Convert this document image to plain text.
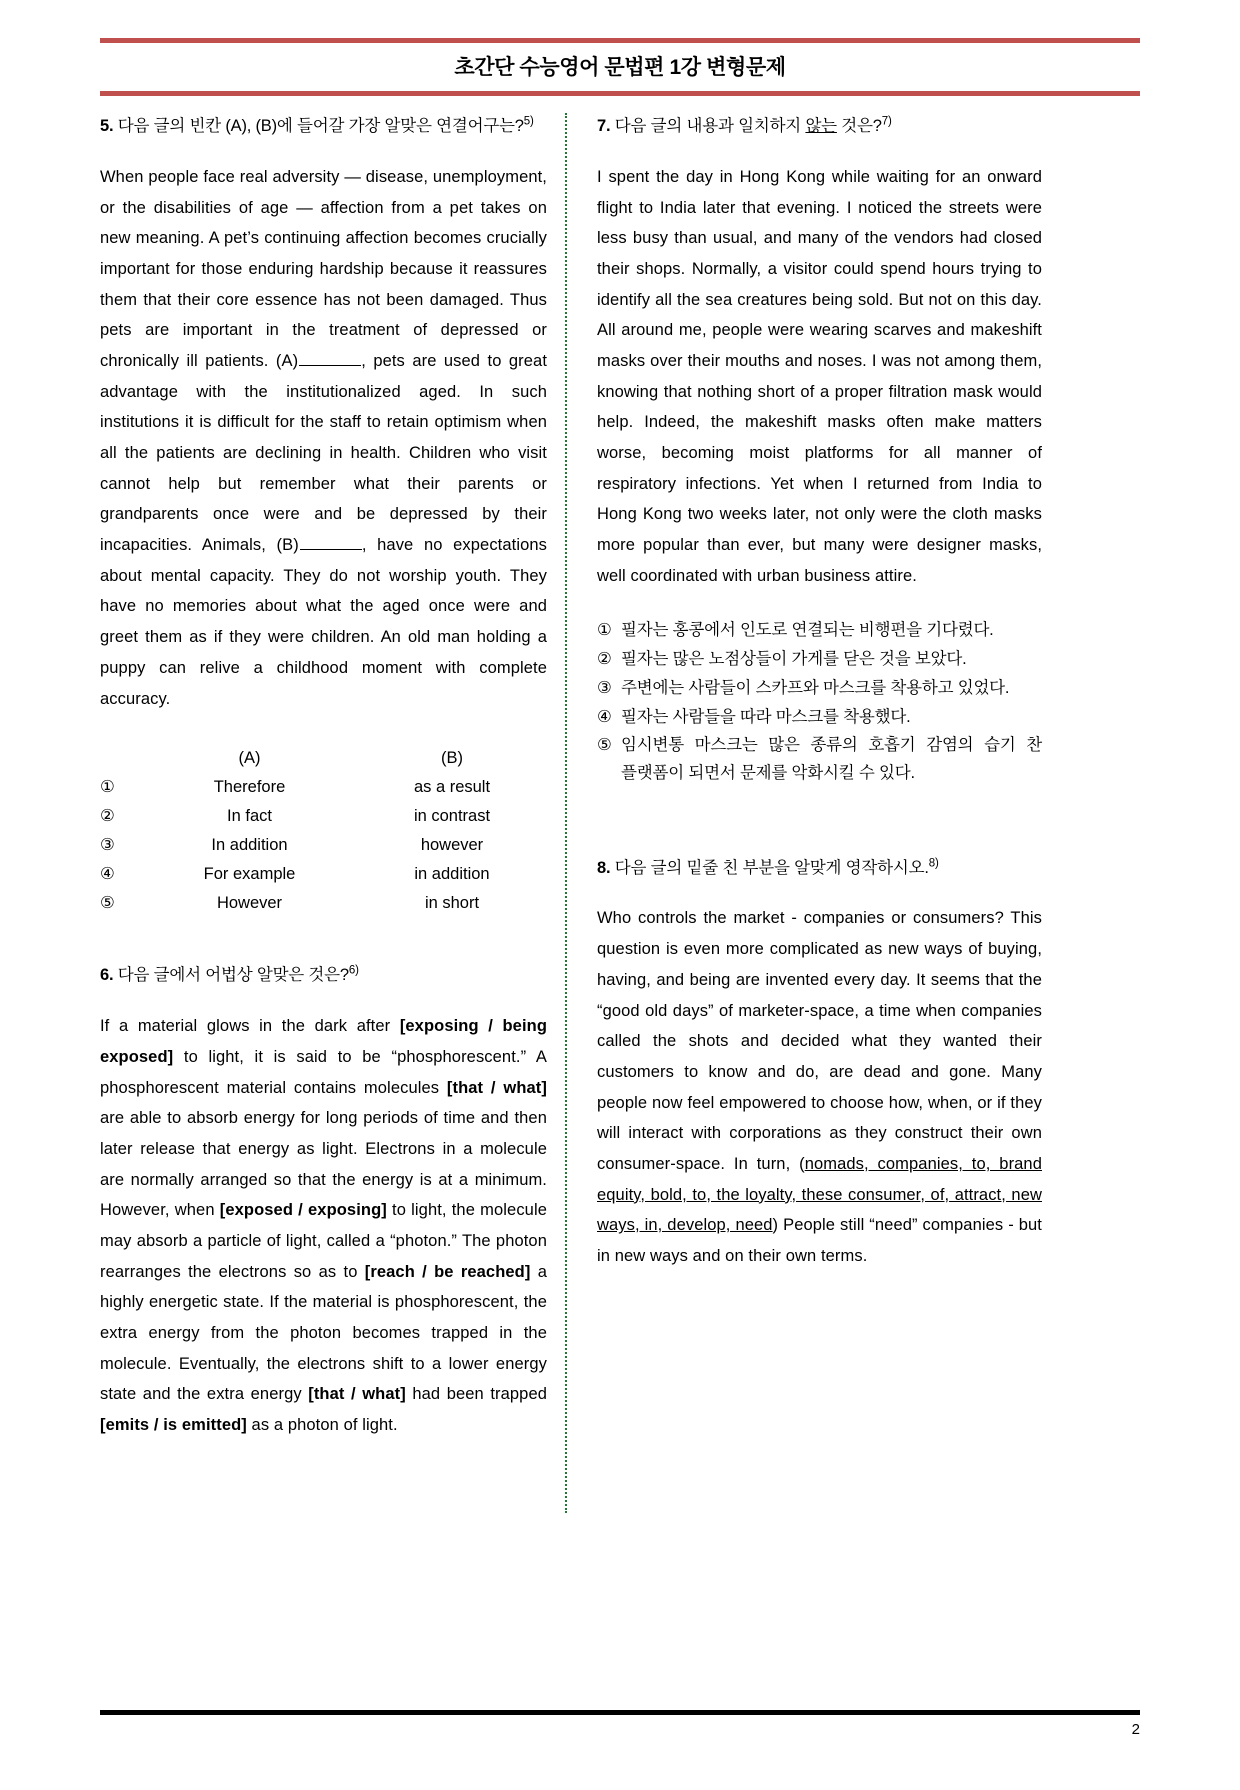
초간단 수능영어 문법편 1강 변형문제

5. 다음 글의 빈칸 (A), (B)에 들어갈 가장 알맞은 연결어구는?$^{5)}$

When people face real adversity — disease, unemployment, or the disabilities of age — affection from a pet takes on new meaning. A pet’s continuing affection becomes crucially important for those enduring hardship because it reassures them that their core essence has not been damaged. Thus pets are important in the treatment of depressed or chronically ill patients. (A)	, pets are used to great advantage with the institutionalized aged. In such institutions it is difficult for the staff to retain optimism when all the patients are declining in health. Children who visit cannot help but remember what their parents or grandparents once were and be depressed by their incapacities. Animals, (B)	, have no expectations about mental capacity. They do not worship youth. They have no memories about what the aged once were and greet them as if they were children. An old man holding a puppy can relive a childhood moment with complete accuracy.

	(A)	(B)
①	Therefore	as a result
②	In fact	in contrast
③	In addition	however
④	For example	in addition
⑤	However	in short

6. 다음 글에서 어법상 알맞은 것은?$^{6)}$

If a material glows in the dark after [exposing / being exposed] to light, it is said to be “phosphorescent.” A phosphorescent material contains molecules [that / what] are able to absorb energy for long periods of time and then later release that energy as light. Electrons in a molecule are normally arranged so that the energy is at a minimum. However, when [exposed / exposing] to light, the molecule may absorb a particle of light, called a “photon.” The photon rearranges the electrons so as to [reach / be reached] a highly energetic state. If the material is phosphorescent, the extra energy from the photon becomes trapped in the molecule. Eventually, the electrons shift to a lower energy state and the extra energy [that / what] had been trapped [emits / is emitted] as a photon of light.

7. 다음 글의 내용과 일치하지 않는 것은?$^{7)}$

I spent the day in Hong Kong while waiting for an onward flight to India later that evening. I noticed the streets were less busy than usual, and many of the vendors had closed their shops. Normally, a visitor could spend hours trying to identify all the sea creatures being sold. But not on this day. All around me, people were wearing scarves and makeshift masks over their mouths and noses. I was not among them, knowing that nothing short of a proper filtration mask would help. Indeed, the makeshift masks often make matters worse, becoming moist platforms for all manner of respiratory infections. Yet when I returned from India to Hong Kong two weeks later, not only were the cloth masks more popular than ever, but many were designer masks, well coordinated with urban business attire.

① 필자는 홍콩에서 인도로 연결되는 비행편을 기다렸다.
② 필자는 많은 노점상들이 가게를 닫은 것을 보았다.
③ 주변에는 사람들이 스카프와 마스크를 착용하고 있었다.
④ 필자는 사람들을 따라 마스크를 착용했다.
⑤ 임시변통 마스크는 많은 종류의 호흡기 감염의 습기 찬 플랫폼이 되면서 문제를 악화시킬 수 있다.

8. 다음 글의 밑줄 친 부분을 알맞게 영작하시오.$^{8)}$

Who controls the market - companies or consumers? This question is even more complicated as new ways of buying, having, and being are invented every day. It seems that the “good old days” of marketer-space, a time when companies called the shots and decided what they wanted their customers to know and do, are dead and gone. Many people now feel empowered to choose how, when, or if they will interact with corporations as they construct their own consumer-space. In turn, (nomads, companies, to, brand equity, bold, to, the loyalty, these consumer, of, attract, new ways, in, develop, need) People still “need” companies - but in new ways and on their own terms.

2
